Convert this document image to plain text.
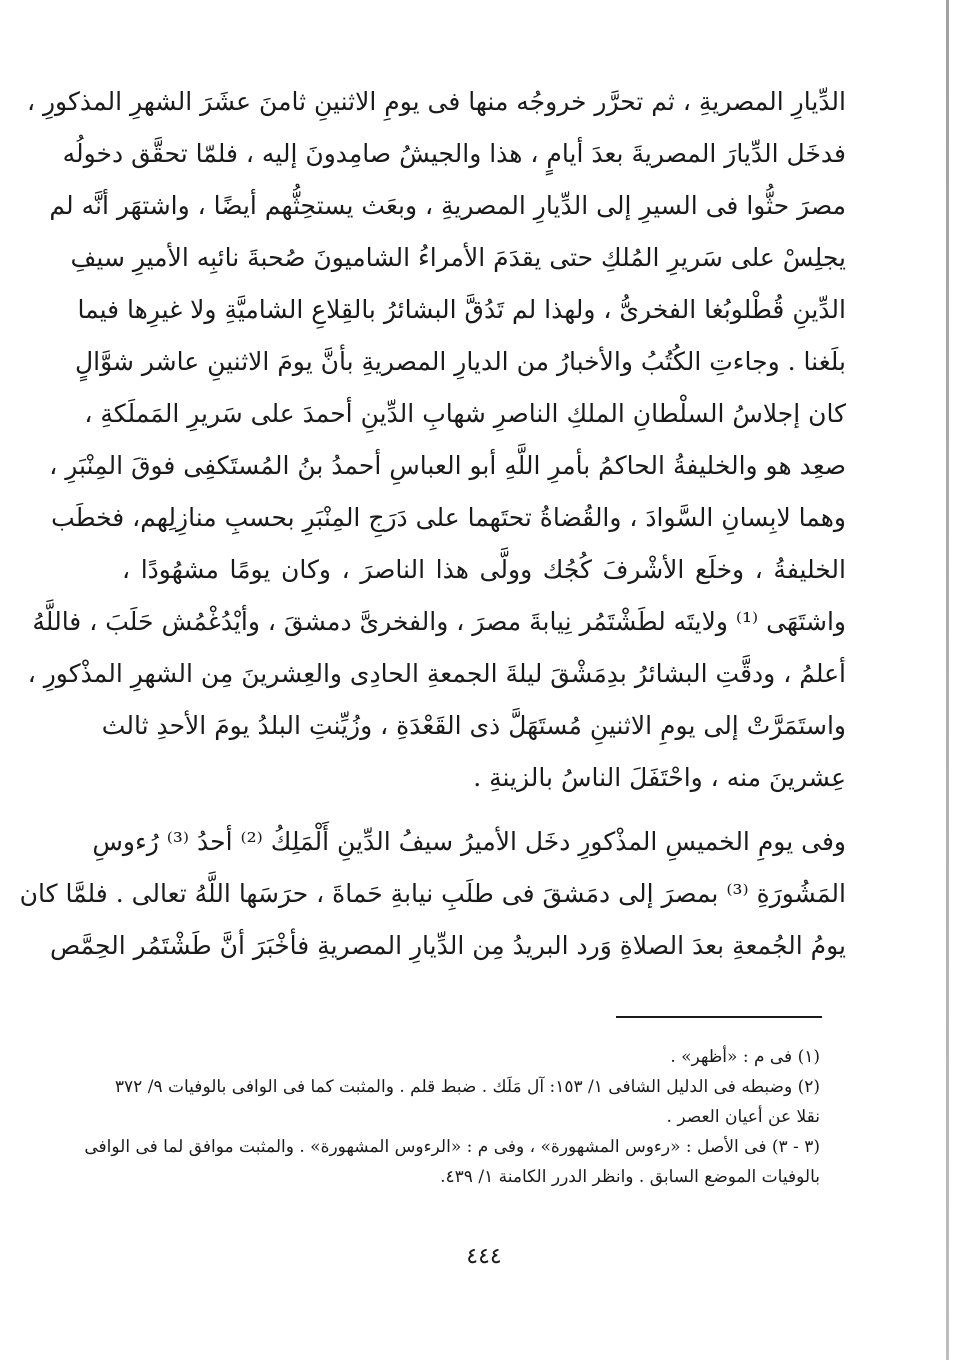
الدِّيارِ المصريةِ ، ثم تحرَّر خروجُه منها فى يومِ الاثنينِ ثامنَ عشَرَ الشهرِ المذكورِ ،
فدخَل الدِّيارَ المصريةَ بعدَ أيامٍ ، هذا والجيشُ صامِدونَ إليه ، فلمّا تحقَّق دخولُه
مصرَ حثُّوا فى السيرِ إلى الدِّيارِ المصريةِ ، وبعَث يستحِثُّهم أيضًا ، واشتهَر أنَّه لم
يجلِسْ على سَريرِ المُلكِ حتى يقدَمَ الأمراءُ الشاميونَ صُحبةَ نائبِه الأميرِ سيفِ
الدِّينِ قُطْلوبُغا الفخرىُّ ، ولهذا لم تَدُقَّ البشائرُ بالقِلاعِ الشاميَّةِ ولا غيرِها فيما
بلَغنا . وجاءتِ الكُتُبُ والأخبارُ من الديارِ المصريةِ بأنَّ يومَ الاثنينِ عاشر شوَّالٍ
كان إجلاسُ السلْطانِ الملكِ الناصرِ شهابِ الدِّينِ أحمدَ على سَريرِ المَملَكةِ ،
صعِد هو والخليفةُ الحاكمُ بأمرِ اللَّهِ أبو العباسِ أحمدُ بنُ المُستَكفِى فوقَ المِنْبَرِ ،
وهما لابِسانِ السَّوادَ ، والقُضاةُ تحتَهما على دَرَجِ المِنْبَرِ بحسبِ منازِلِهم، فخطَب
الخليفةُ ، وخلَع الأشْرفَ كُجُك وولَّى هذا الناصرَ ، وكان يومًا مشهُودًا ،
واشتَهَى ⁽¹⁾ ولايتَه لطَشْتَمُر نِيابةَ مصرَ ، والفخرىَّ دمشقَ ، وأيْدُغْمُش حَلَبَ ، فاللَّهُ
أعلمُ ، ودقَّتِ البشائرُ بدِمَشْقَ ليلةَ الجمعةِ الحادِى والعِشرينَ مِن الشهرِ المذْكورِ ،
واستَمَرَّتْ إلى يومِ الاثنينِ مُستَهَلَّ ذى القَعْدَةِ ، وزُيِّنتِ البلدُ يومَ الأحدِ ثالث
عِشرينَ منه ، واحْتَفَلَ الناسُ بالزينةِ .
وفى يومِ الخميسِ المذْكورِ دخَل الأميرُ سيفُ الدِّينِ أَلْمَلِكُ ⁽²⁾ أحدُ ⁽³⁾ رُءوسِ
المَشُورَةِ ⁽³⁾ بمصرَ إلى دمَشقَ فى طلَبِ نيابةِ حَماةَ ، حرَسَها اللَّهُ تعالى . فلمَّا كان
يومُ الجُمعةِ بعدَ الصلاةِ وَرد البريدُ مِن الدِّيارِ المصريةِ فأخْبَرَ أنَّ طَشْتَمُر الحِمَّص
(١) فى م : «أظهر» .
(٢) وضبطه فى الدليل الشافى ١/ ١٥٣: آل مَلَك . ضبط قلم . والمثبت كما فى الوافى بالوفيات ٩/ ٣٧٢
نقلا عن أعيان العصر .
(٣ - ٣) فى الأصل : «رءوس المشهورة» ، وفى م : «الرءوس المشهورة» . والمثبت موافق لما فى الوافى
بالوفيات الموضع السابق . وانظر الدرر الكامنة ١/ ٤٣٩.
٤٤٤
